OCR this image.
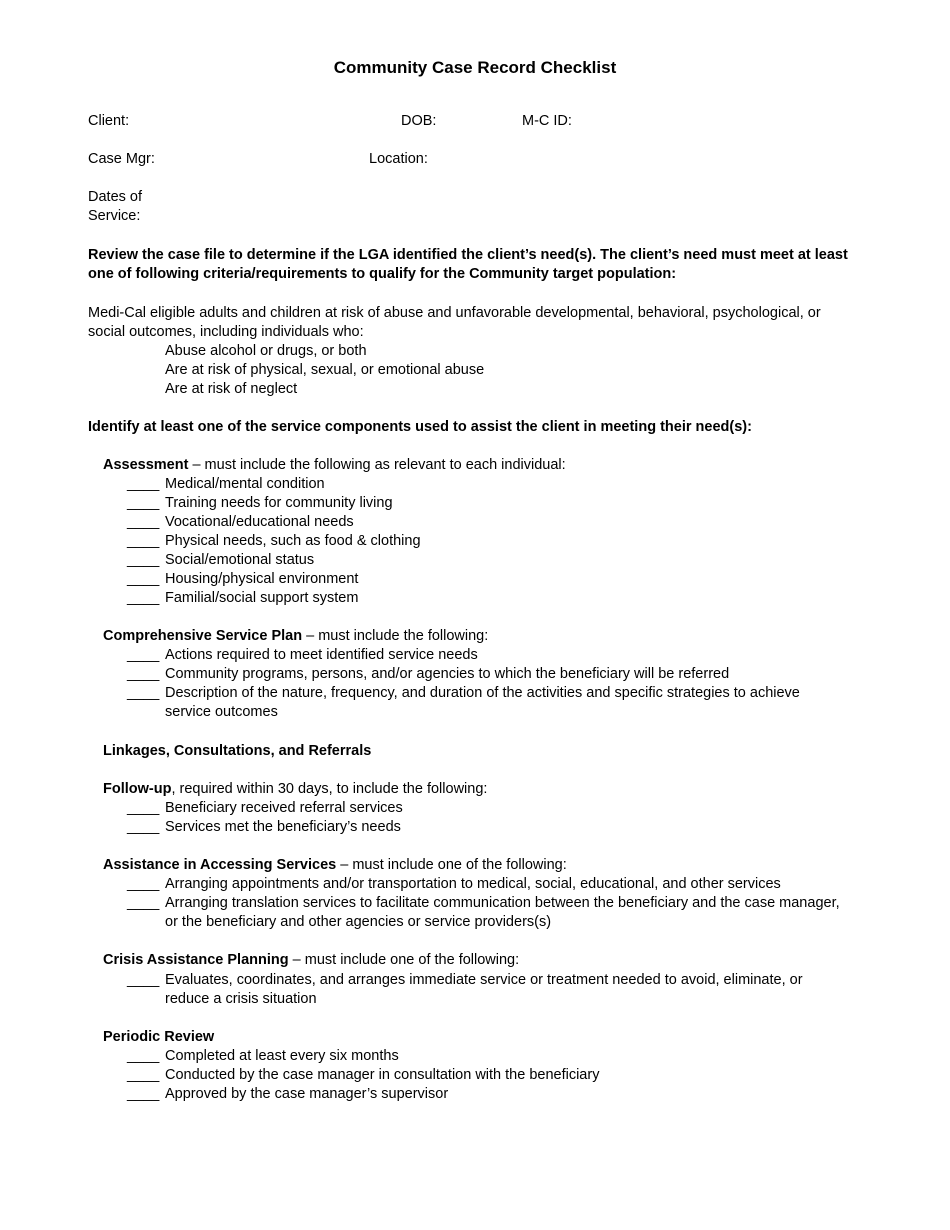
Community Case Record Checklist
Client:	DOB:	M-C ID:
Case Mgr:	Location:
Dates of
Service:
Review the case file to determine if the LGA identified the client’s need(s). The client’s need must meet at least one of following criteria/requirements to qualify for the Community target population:
Medi-Cal eligible adults and children at risk of abuse and unfavorable developmental, behavioral, psychological, or social outcomes, including individuals who:
Abuse alcohol or drugs, or both
Are at risk of physical, sexual, or emotional abuse
Are at risk of neglect
Identify at least one of the service components used to assist the client in meeting their need(s):
Assessment – must include the following as relevant to each individual:
____ Medical/mental condition
____ Training needs for community living
____ Vocational/educational needs
____ Physical needs, such as food & clothing
____ Social/emotional status
____ Housing/physical environment
____ Familial/social support system
Comprehensive Service Plan – must include the following:
____ Actions required to meet identified service needs
____ Community programs, persons, and/or agencies to which the beneficiary will be referred
____ Description of the nature, frequency, and duration of the activities and specific strategies to achieve service outcomes
Linkages, Consultations, and Referrals
Follow-up, required within 30 days, to include the following:
____ Beneficiary received referral services
____ Services met the beneficiary’s needs
Assistance in Accessing Services – must include one of the following:
____ Arranging appointments and/or transportation to medical, social, educational, and other services
____ Arranging translation services to facilitate communication between the beneficiary and the case manager, or the beneficiary and other agencies or service providers(s)
Crisis Assistance Planning – must include one of the following:
____ Evaluates, coordinates, and arranges immediate service or treatment needed to avoid, eliminate, or reduce a crisis situation
Periodic Review
____ Completed at least every six months
____ Conducted by the case manager in consultation with the beneficiary
____ Approved by the case manager’s supervisor
